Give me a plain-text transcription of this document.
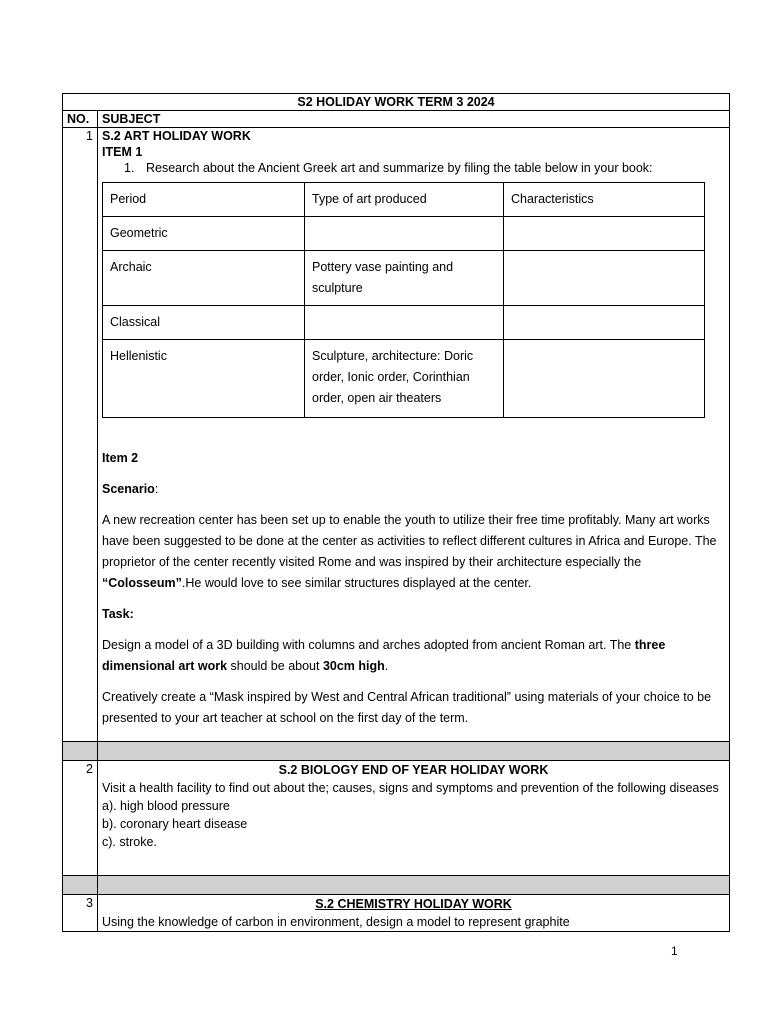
S2 HOLIDAY WORK TERM 3 2024
NO.	SUBJECT
1	S.2 ART HOLIDAY WORK
ITEM 1
1. Research about the Ancient Greek art and summarize by filing the table below in your book:
Period	Type of art produced	Characteristics
Geometric		
Archaic	Pottery vase painting and sculpture	
Classical		
Hellenistic	Sculpture, architecture: Doric order, Ionic order, Corinthian order, open air theaters	

Item 2

Scenario:

A new recreation center has been set up to enable the youth to utilize their free time profitably. Many art works have been suggested to be done at the center as activities to reflect different cultures in Africa and Europe. The proprietor of the center recently visited Rome and was inspired by their architecture especially the “Colosseum”.He would love to see similar structures displayed at the center.

Task:

Design a model of a 3D building with columns and arches adopted from ancient Roman art. The three dimensional art work should be about 30cm high.

Creatively create a “Mask inspired by West and Central African traditional” using materials of your choice to be presented to your art teacher at school on the first day of the term.

2	S.2 BIOLOGY END OF YEAR HOLIDAY WORK
Visit a health facility to find out about the; causes, signs and symptoms and prevention of the following diseases
a). high blood pressure
b). coronary heart disease
c). stroke.

3	S.2 CHEMISTRY HOLIDAY WORK
Using the knowledge of carbon in environment, design a model to represent graphite
1
